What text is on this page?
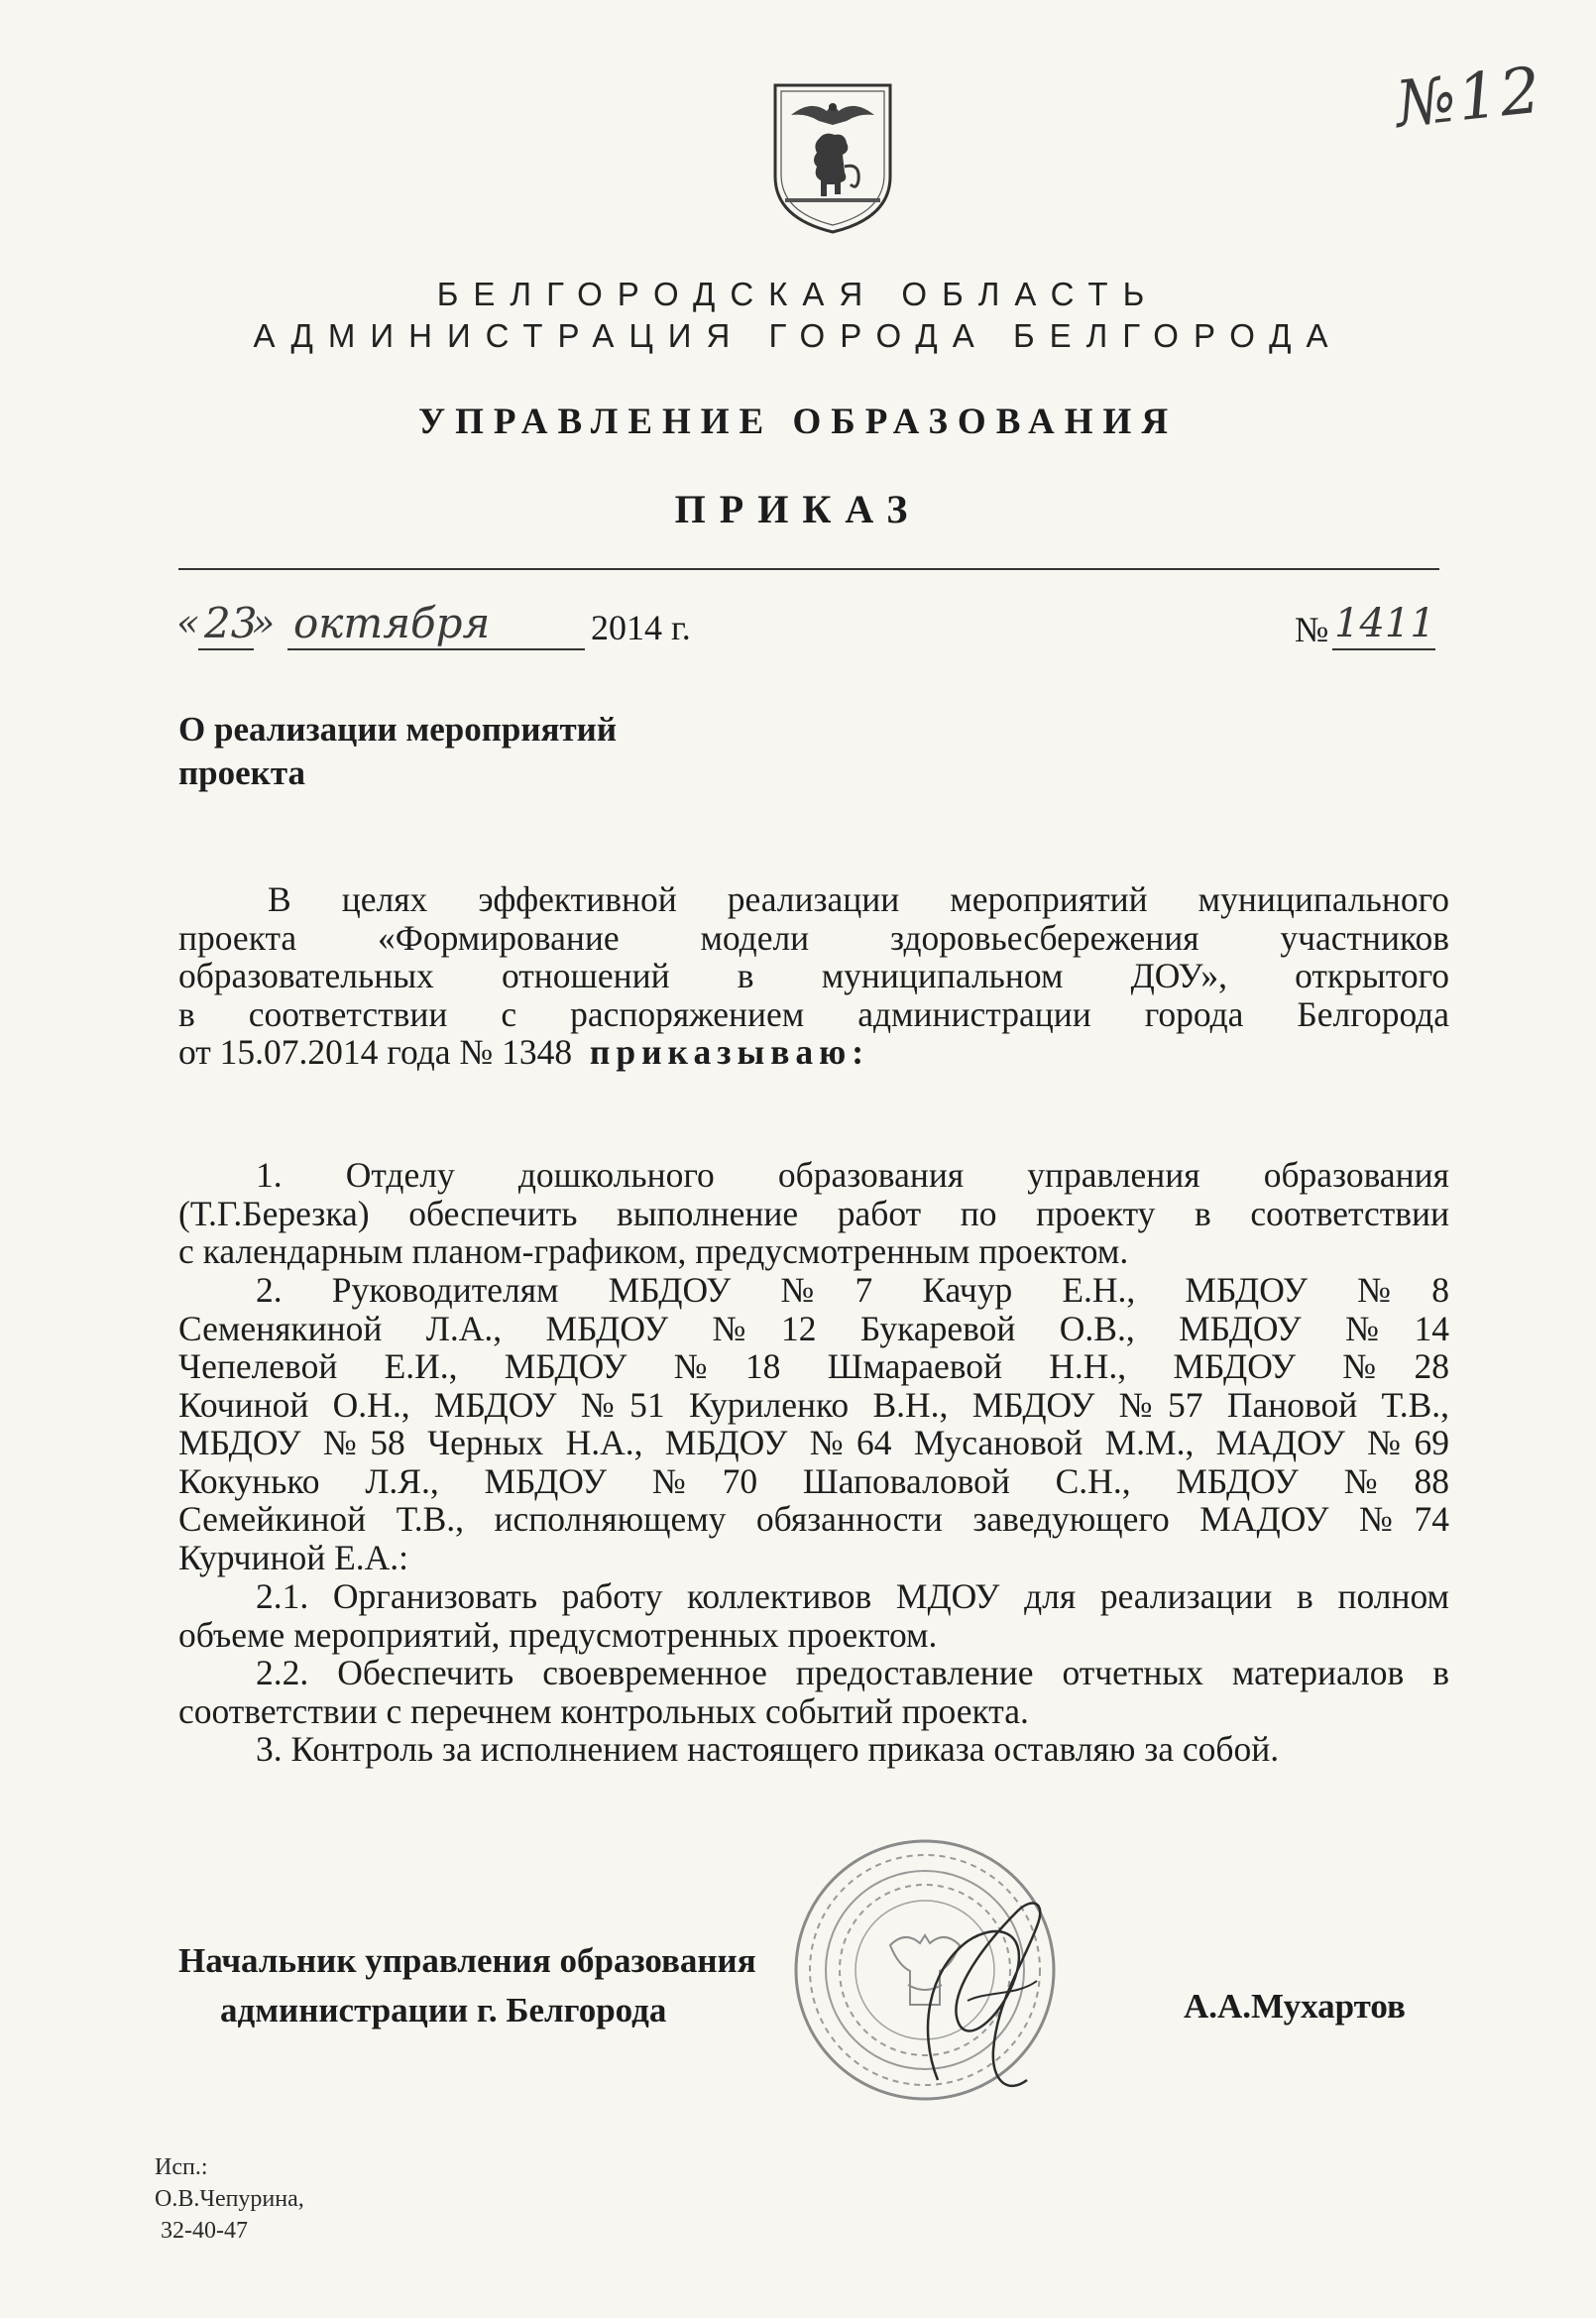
№12
БЕЛГОРОДСКАЯ ОБЛАСТЬ
АДМИНИСТРАЦИЯ ГОРОДА БЕЛГОРОДА
УПРАВЛЕНИЕ ОБРАЗОВАНИЯ
ПРИКАЗ
« 23
» октября	2014 г.	№ 1411
О реализации мероприятий
проекта
В целях эффективной реализации мероприятий муниципального
проекта «Формирование модели здоровьесбережения участников
образовательных отношений в муниципальном ДОУ», открытого
в соответствии с распоряжением администрации города Белгорода
от 15.07.2014 года № 1348 приказываю:
1. Отделу дошкольного образования управления образования
(Т.Г.Березка) обеспечить выполнение работ по проекту в соответствии
с календарным планом-графиком, предусмотренным проектом.
2. Руководителям МБДОУ №7 Качур Е.Н., МБДОУ №8
Семенякиной Л.А., МБДОУ №12 Букаревой О.В., МБДОУ №14
Чепелевой Е.И., МБДОУ №18 Шмараевой Н.Н., МБДОУ №28
Кочиной О.Н., МБДОУ №51 Куриленко В.Н., МБДОУ №57 Пановой Т.В.,
МБДОУ №58 Черных Н.А., МБДОУ №64 Мусановой М.М., МАДОУ №69
Кокунько Л.Я., МБДОУ №70 Шаповаловой С.Н., МБДОУ №88
Семейкиной Т.В., исполняющему обязанности заведующего МАДОУ №74
Курчиной Е.А.:
2.1. Организовать работу коллективов МДОУ для реализации в полном
объеме мероприятий, предусмотренных проектом.
2.2. Обеспечить своевременное предоставление отчетных материалов в
соответствии с перечнем контрольных событий проекта.
3. Контроль за исполнением настоящего приказа оставляю за собой.
Начальник управления образования
администрации г. Белгорода	А.А.Мухартов
Исп.:
О.В.Чепурина,
32-40-47
